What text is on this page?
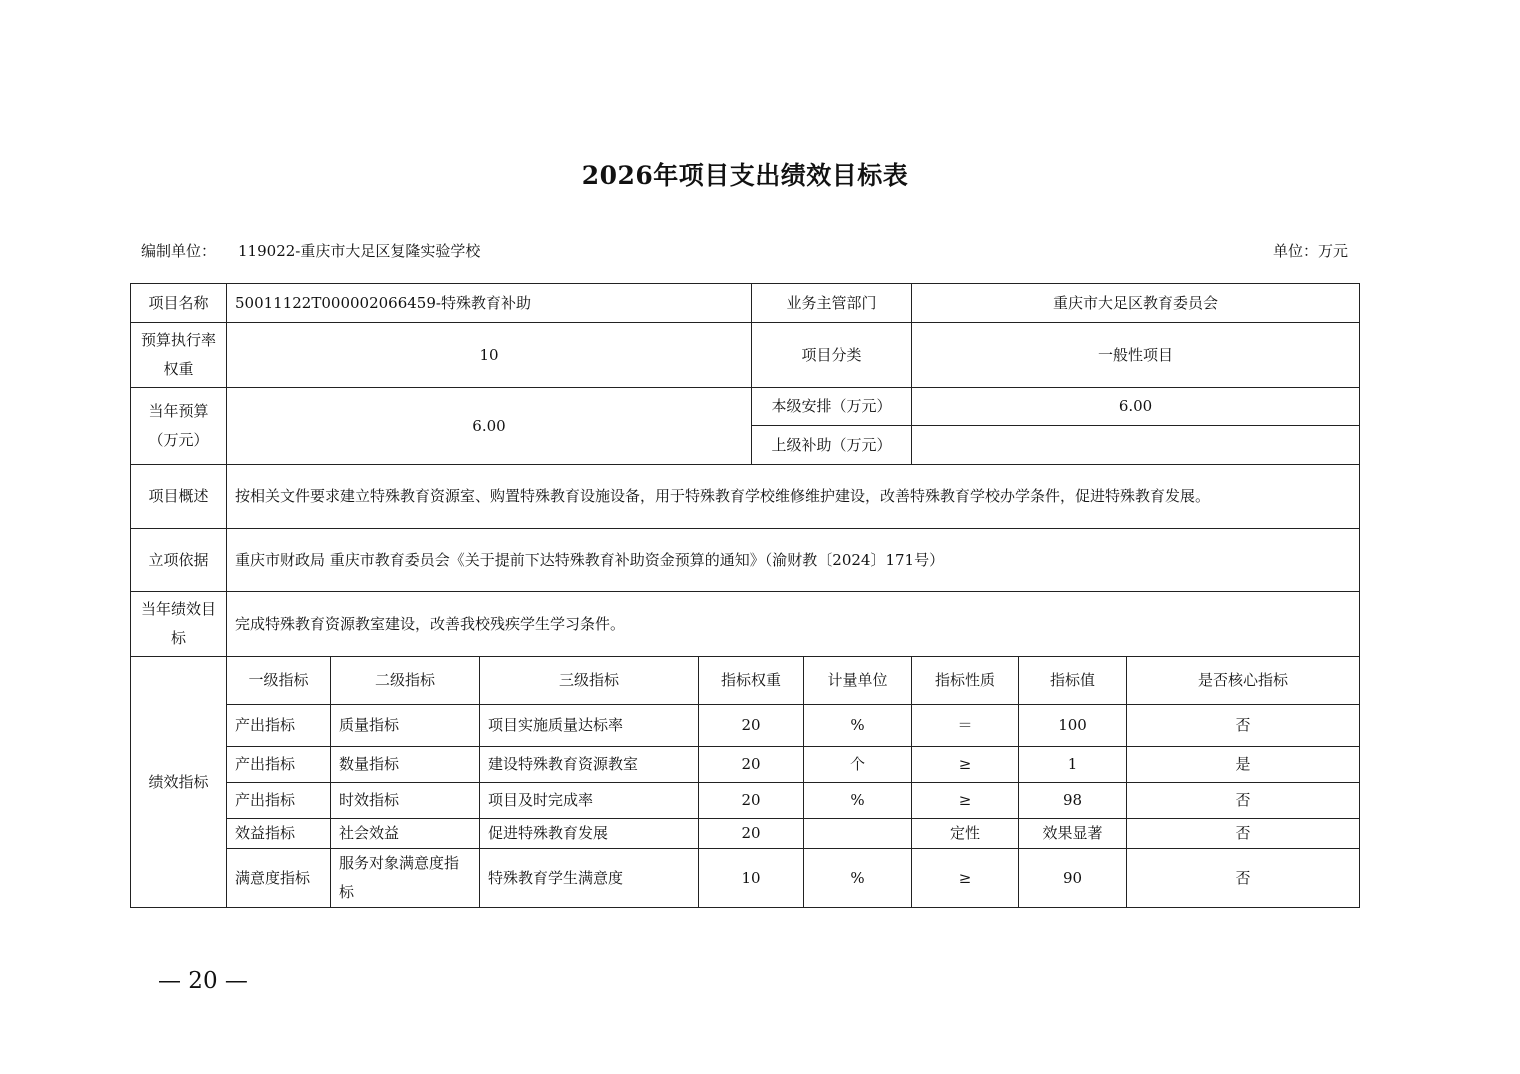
2026年项目支出绩效目标表
编制单位： 119022-重庆市大足区复隆实验学校	单位：万元
项目名称	50011122T000002066459-特殊教育补助				业务主管部门		重庆市大足区教育委员会		
预算执行率权重	10				项目分类		一般性项目		
当年预算（万元）	6.00				本级安排（万元）		6.00		
					上级补助（万元）				
项目概述	按相关文件要求建立特殊教育资源室、购置特殊教育设施设备，用于特殊教育学校维修维护建设，改善特殊教育学校办学条件，促进特殊教育发展。								
立项依据	重庆市财政局 重庆市教育委员会《关于提前下达特殊教育补助资金预算的通知》（渝财教〔2024〕171号）								
当年绩效目标	完成特殊教育资源教室建设，改善我校残疾学生学习条件。								
绩效指标	一级指标	二级指标	三级指标	指标权重		计量单位	指标性质	指标值	是否核心指标
	产出指标	质量指标	项目实施质量达标率	20		%	＝	100	否
	产出指标	数量指标	建设特殊教育资源教室	20		个	≥	1	是
	产出指标	时效指标	项目及时完成率	20		%	≥	98	否
	效益指标	社会效益	促进特殊教育发展	20			定性	效果显著	否
	满意度指标	服务对象满意度指标	特殊教育学生满意度	10		%	≥	90	否
— 20 —
